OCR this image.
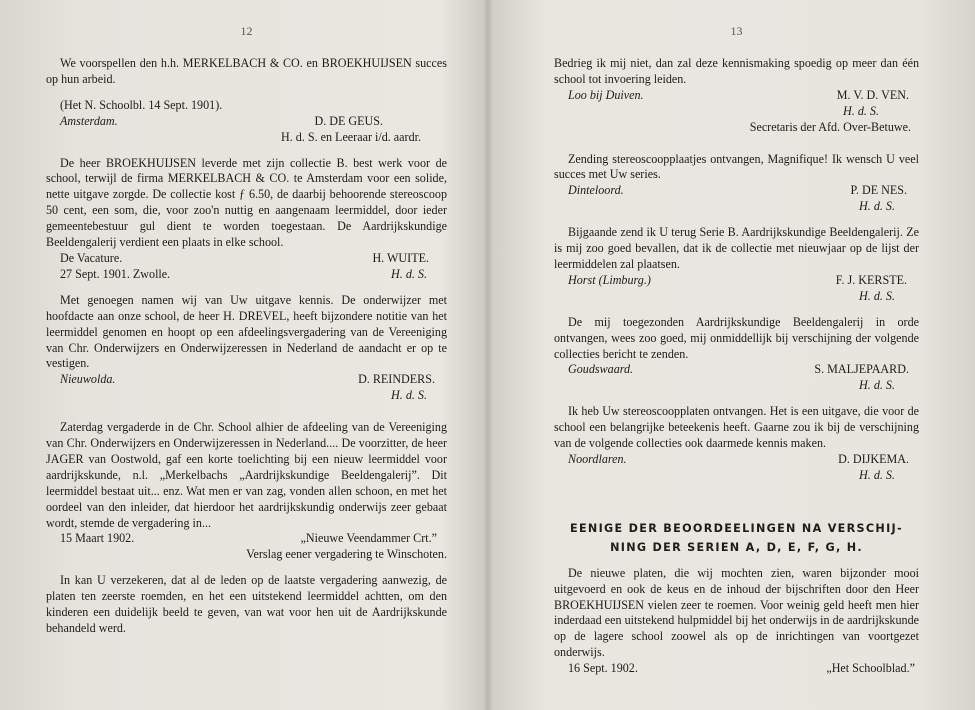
12

We voorspellen den h.h. MERKELBACH & CO. en BROEKHUIJSEN succes op hun arbeid.

(Het N. Schoolbl. 14 Sept. 1901).

Amsterdam.	D. DE GEUS.
H. d. S. en Leeraar i/d. aardr.

De heer BROEKHUIJSEN leverde met zijn collectie B. best werk voor de school, terwijl de firma MERKELBACH & CO. te Amsterdam voor een solide, nette uitgave zorgde. De collectie kost ƒ 6.50, de daarbij behoorende stereoscoop 50 cent, een som, die, voor zoo'n nuttig en aangenaam leermiddel, door ieder gemeentebestuur gul dient te worden toegestaan. De Aardrijkskundige Beeldengalerij verdient een plaats in elke school.

De Vacature.	H. WUITE.
27 Sept. 1901. Zwolle.	H. d. S.

Met genoegen namen wij van Uw uitgave kennis. De onderwijzer met hoofdacte aan onze school, de heer H. DREVEL, heeft bijzondere notitie van het leermiddel genomen en hoopt op een afdeelingsvergadering van de Vereeniging van Chr. Onderwijzers en Onderwijzeressen in Nederland de aandacht er op te vestigen.

Nieuwolda.	D. REINDERS.
H. d. S.

Zaterdag vergaderde in de Chr. School alhier de afdeeling van de Vereeniging van Chr. Onderwijzers en Onderwijzeressen in Nederland.... De voorzitter, de heer JAGER van Oostwold, gaf een korte toelichting bij een nieuw leermiddel voor aardrijkskunde, n.l. „Merkelbachs „Aardrijkskundige Beeldengalerij”. Dit leermiddel bestaat uit... enz. Wat men er van zag, vonden allen schoon, en met het oordeel van den inleider, dat hierdoor het aardrijkskundig onderwijs zeer gebaat wordt, stemde de vergadering in...

15 Maart 1902.	„Nieuwe Veendammer Crt.”
Verslag eener vergadering te Winschoten.

In kan U verzekeren, dat al de leden op de laatste vergadering aanwezig, de platen ten zeerste roemden, en het een uitstekend leermiddel achtten, om den kinderen een duidelijk beeld te geven, van wat voor hen uit de Aardrijkskunde behandeld werd.

13

Bedrieg ik mij niet, dan zal deze kennismaking spoedig op meer dan één school tot invoering leiden.

Loo bij Duiven.	M. V. D. VEN.
H. d. S.
Secretaris der Afd. Over-Betuwe.

Zending stereoscoopplaatjes ontvangen, Magnifique! Ik wensch U veel succes met Uw series.

Dinteloord.	P. DE NES.
H. d. S.

Bijgaande zend ik U terug Serie B. Aardrijkskundige Beeldengalerij. Ze is mij zoo goed bevallen, dat ik de collectie met nieuwjaar op de lijst der leermiddelen zal plaatsen.

Horst (Limburg.)	F. J. KERSTE.
H. d. S.

De mij toegezonden Aardrijkskundige Beeldengalerij in orde ontvangen, wees zoo goed, mij onmiddellijk bij verschijning der volgende collecties bericht te zenden.

Goudswaard.	S. MALJEPAARD.
H. d. S.

Ik heb Uw stereoscoopplaten ontvangen. Het is een uitgave, die voor de school een belangrijke beteekenis heeft. Gaarne zou ik bij de verschijning van de volgende collecties ook daarmede kennis maken.

Noordlaren.	D. DIJKEMA.
H. d. S.
EENIGE DER BEOORDEELINGEN NA VERSCHIJ-
NING DER SERIEN A, D, E, F, G, H.

De nieuwe platen, die wij mochten zien, waren bijzonder mooi uitgevoerd en ook de keus en de inhoud der bijschriften door den Heer BROEKHUIJSEN vielen zeer te roemen. Voor weinig geld heeft men hier inderdaad een uitstekend hulpmiddel bij het onderwijs in de aardrijkskunde op de lagere school zoowel als op de inrichtingen van voortgezet onderwijs.

16 Sept. 1902.	„Het Schoolblad.”
